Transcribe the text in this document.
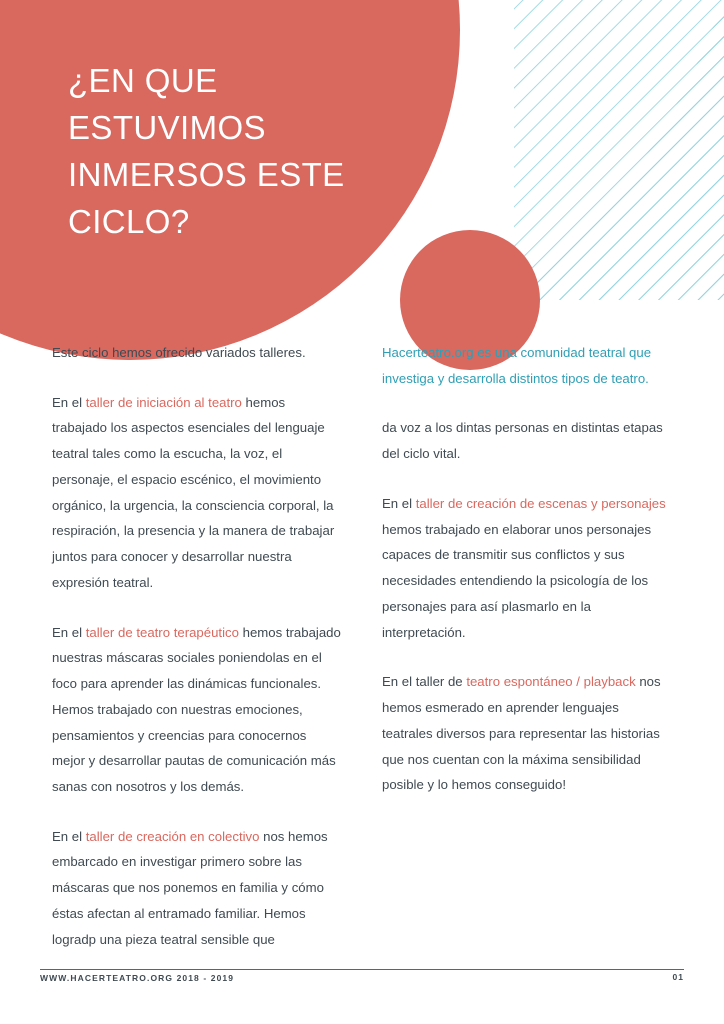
¿EN QUE ESTUVIMOS INMERSOS ESTE CICLO?

Este ciclo hemos ofrecido variados talleres.

En el taller de iniciación al teatro hemos trabajado los aspectos esenciales del lenguaje teatral tales como la escucha, la voz, el personaje, el espacio escénico, el movimiento orgánico, la urgencia, la consciencia corporal, la respiración, la presencia y la manera de trabajar juntos para conocer y desarrollar nuestra expresión teatral.

En el taller de teatro terapéutico hemos trabajado nuestras máscaras sociales poniendolas en el foco para aprender las dinámicas funcionales. Hemos trabajado con nuestras emociones, pensamientos y creencias para conocernos mejor y desarrollar pautas de comunicación más sanas con nosotros y los demás.

En el taller de creación en colectivo nos hemos embarcado en investigar primero sobre las máscaras que nos ponemos en familia y cómo éstas afectan al entramado familiar. Hemos logradp una pieza teatral sensible que

Hacerteatro.org es una comunidad teatral que investiga y desarrolla distintos tipos de teatro.

da voz a los dintas personas en distintas etapas del ciclo vital.

En el taller de creación de escenas y personajes hemos trabajado en elaborar unos personajes capaces de transmitir sus conflictos y sus necesidades entendiendo la psicología de los personajes para así plasmarlo en la interpretación.

En el taller de teatro espontáneo / playback nos hemos esmerado en aprender lenguajes teatrales diversos para representar las historias que nos cuentan con la máxima sensibilidad posible y lo hemos conseguido!

WWW.HACERTEATRO.ORG 2018 - 2019	01
